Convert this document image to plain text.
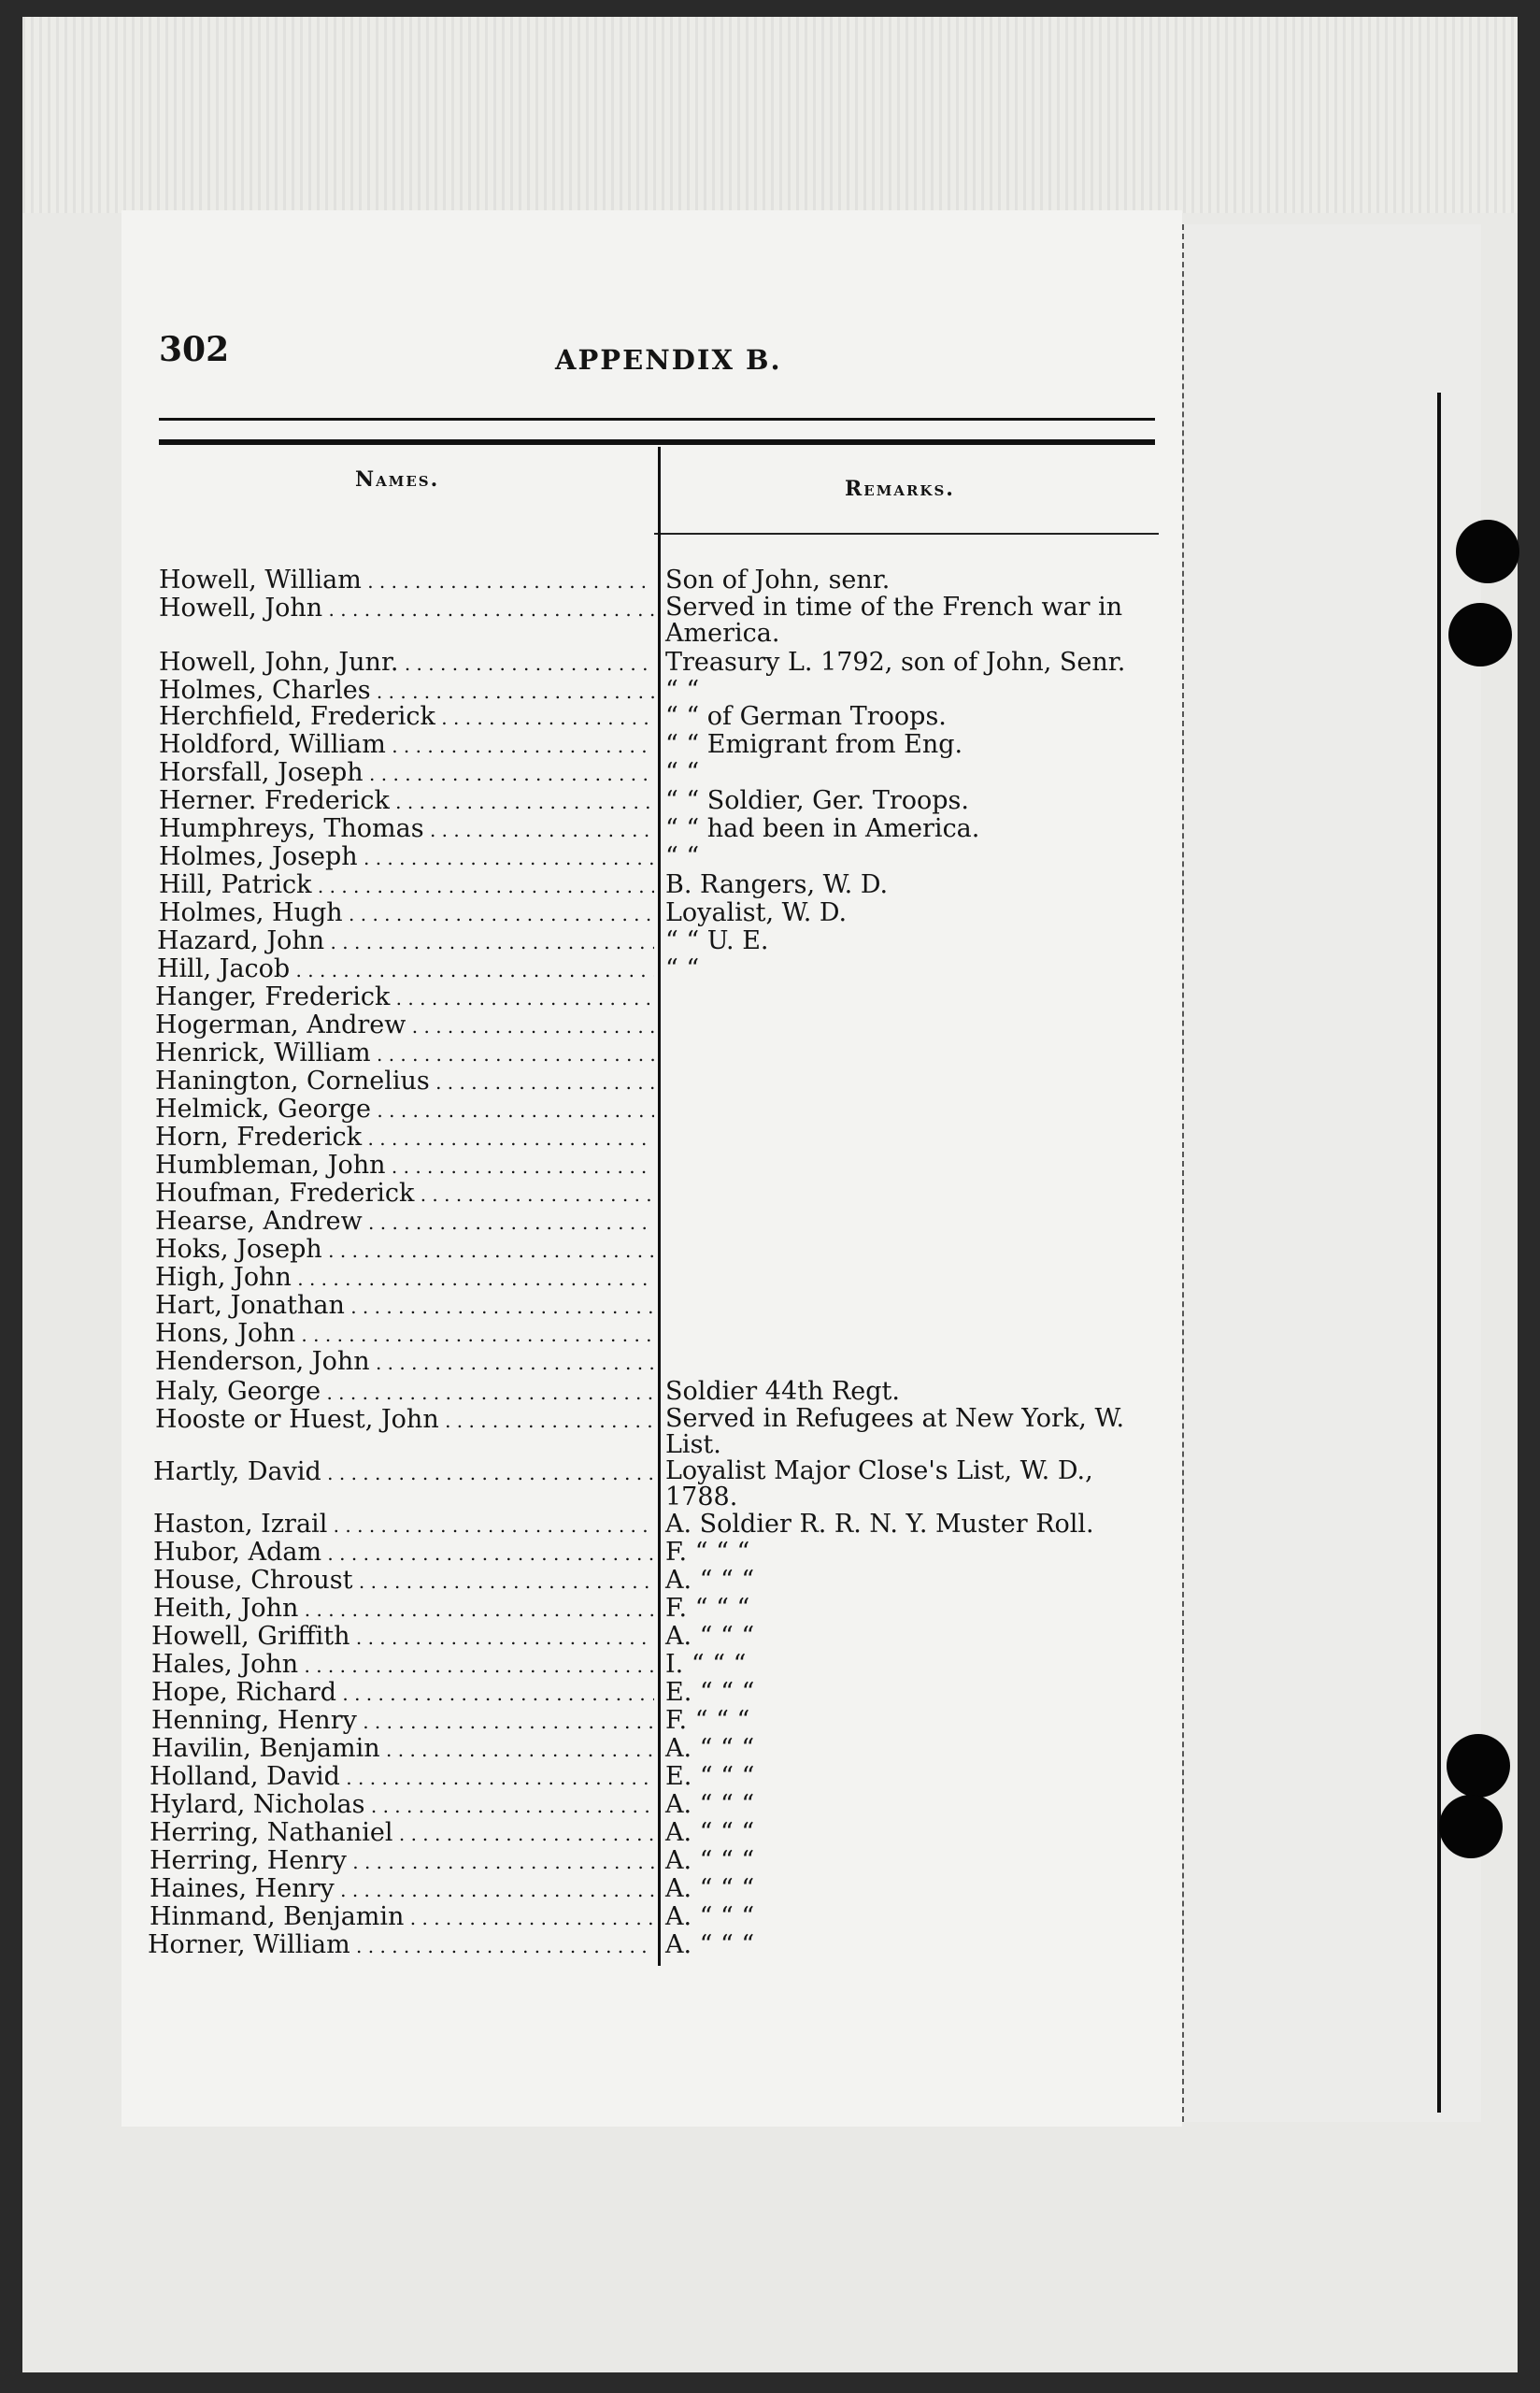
302	APPENDIX B.
Names.	Remarks.
Howell, William . . .	Son of John, senr.
Howell, John . . .	Served in time of the French war in America.
Howell, John, Junr. . . .	Treasury L. 1792, son of John, Senr.
Holmes, Charles . . .	“ “
Herchfield, Frederick . . .	“ “ of German Troops.
Holdford, William . . .	“ “ Emigrant from Eng.
Horsfall, Joseph . . .	“ “
Herner. Frederick . . .	“ “ Soldier, Ger. Troops.
Humphreys, Thomas . . .	“ “ had been in America.
Holmes, Joseph . . .	“ “
Hill, Patrick . . .	B. Rangers, W. D.
Holmes, Hugh . . .	Loyalist, W. D.
Hazard, John . . .	“ “ U. E.
Hill, Jacob . . .	“ “
Hanger, Frederick . . .
Hogerman, Andrew . . .
Henrick, William . . .
Hanington, Cornelius . . .
Helmick, George . . .
Horn, Frederick . . .
Humbleman, John . . .
Houfman, Frederick . . .
Hearse, Andrew . . .
Hoks, Joseph . . .
High, John . . .
Hart, Jonathan . . .
Hons, John . . .
Henderson, John . . .
Haly, George . . .	Soldier 44th Regt.
Hooste or Huest, John . . .	Served in Refugees at New York, W. List.
Hartly, David . . .	Loyalist Major Close's List, W. D., 1788.
Haston, Izrail . . .	A. Soldier R. R. N. Y. Muster Roll.
Hubor, Adam . . .	F. “ “ “
House, Chroust . . .	A. “ “ “
Heith, John . . .	F. “ “ “
Howell, Griffith . . .	A. “ “ “
Hales, John . . .	I. “ “ “
Hope, Richard . . .	E. “ “ “
Henning, Henry . . .	F. “ “ “
Havilin, Benjamin . . .	A. “ “ “
Holland, David . . .	E. “ “ “
Hylard, Nicholas . . .	A. “ “ “
Herring, Nathaniel . . .	A. “ “ “
Herring, Henry . . .	A. “ “ “
Haines, Henry . . .	A. “ “ “
Hinmand, Benjamin . . .	A. “ “ “
Horner, William . . .	A. “ “ “
